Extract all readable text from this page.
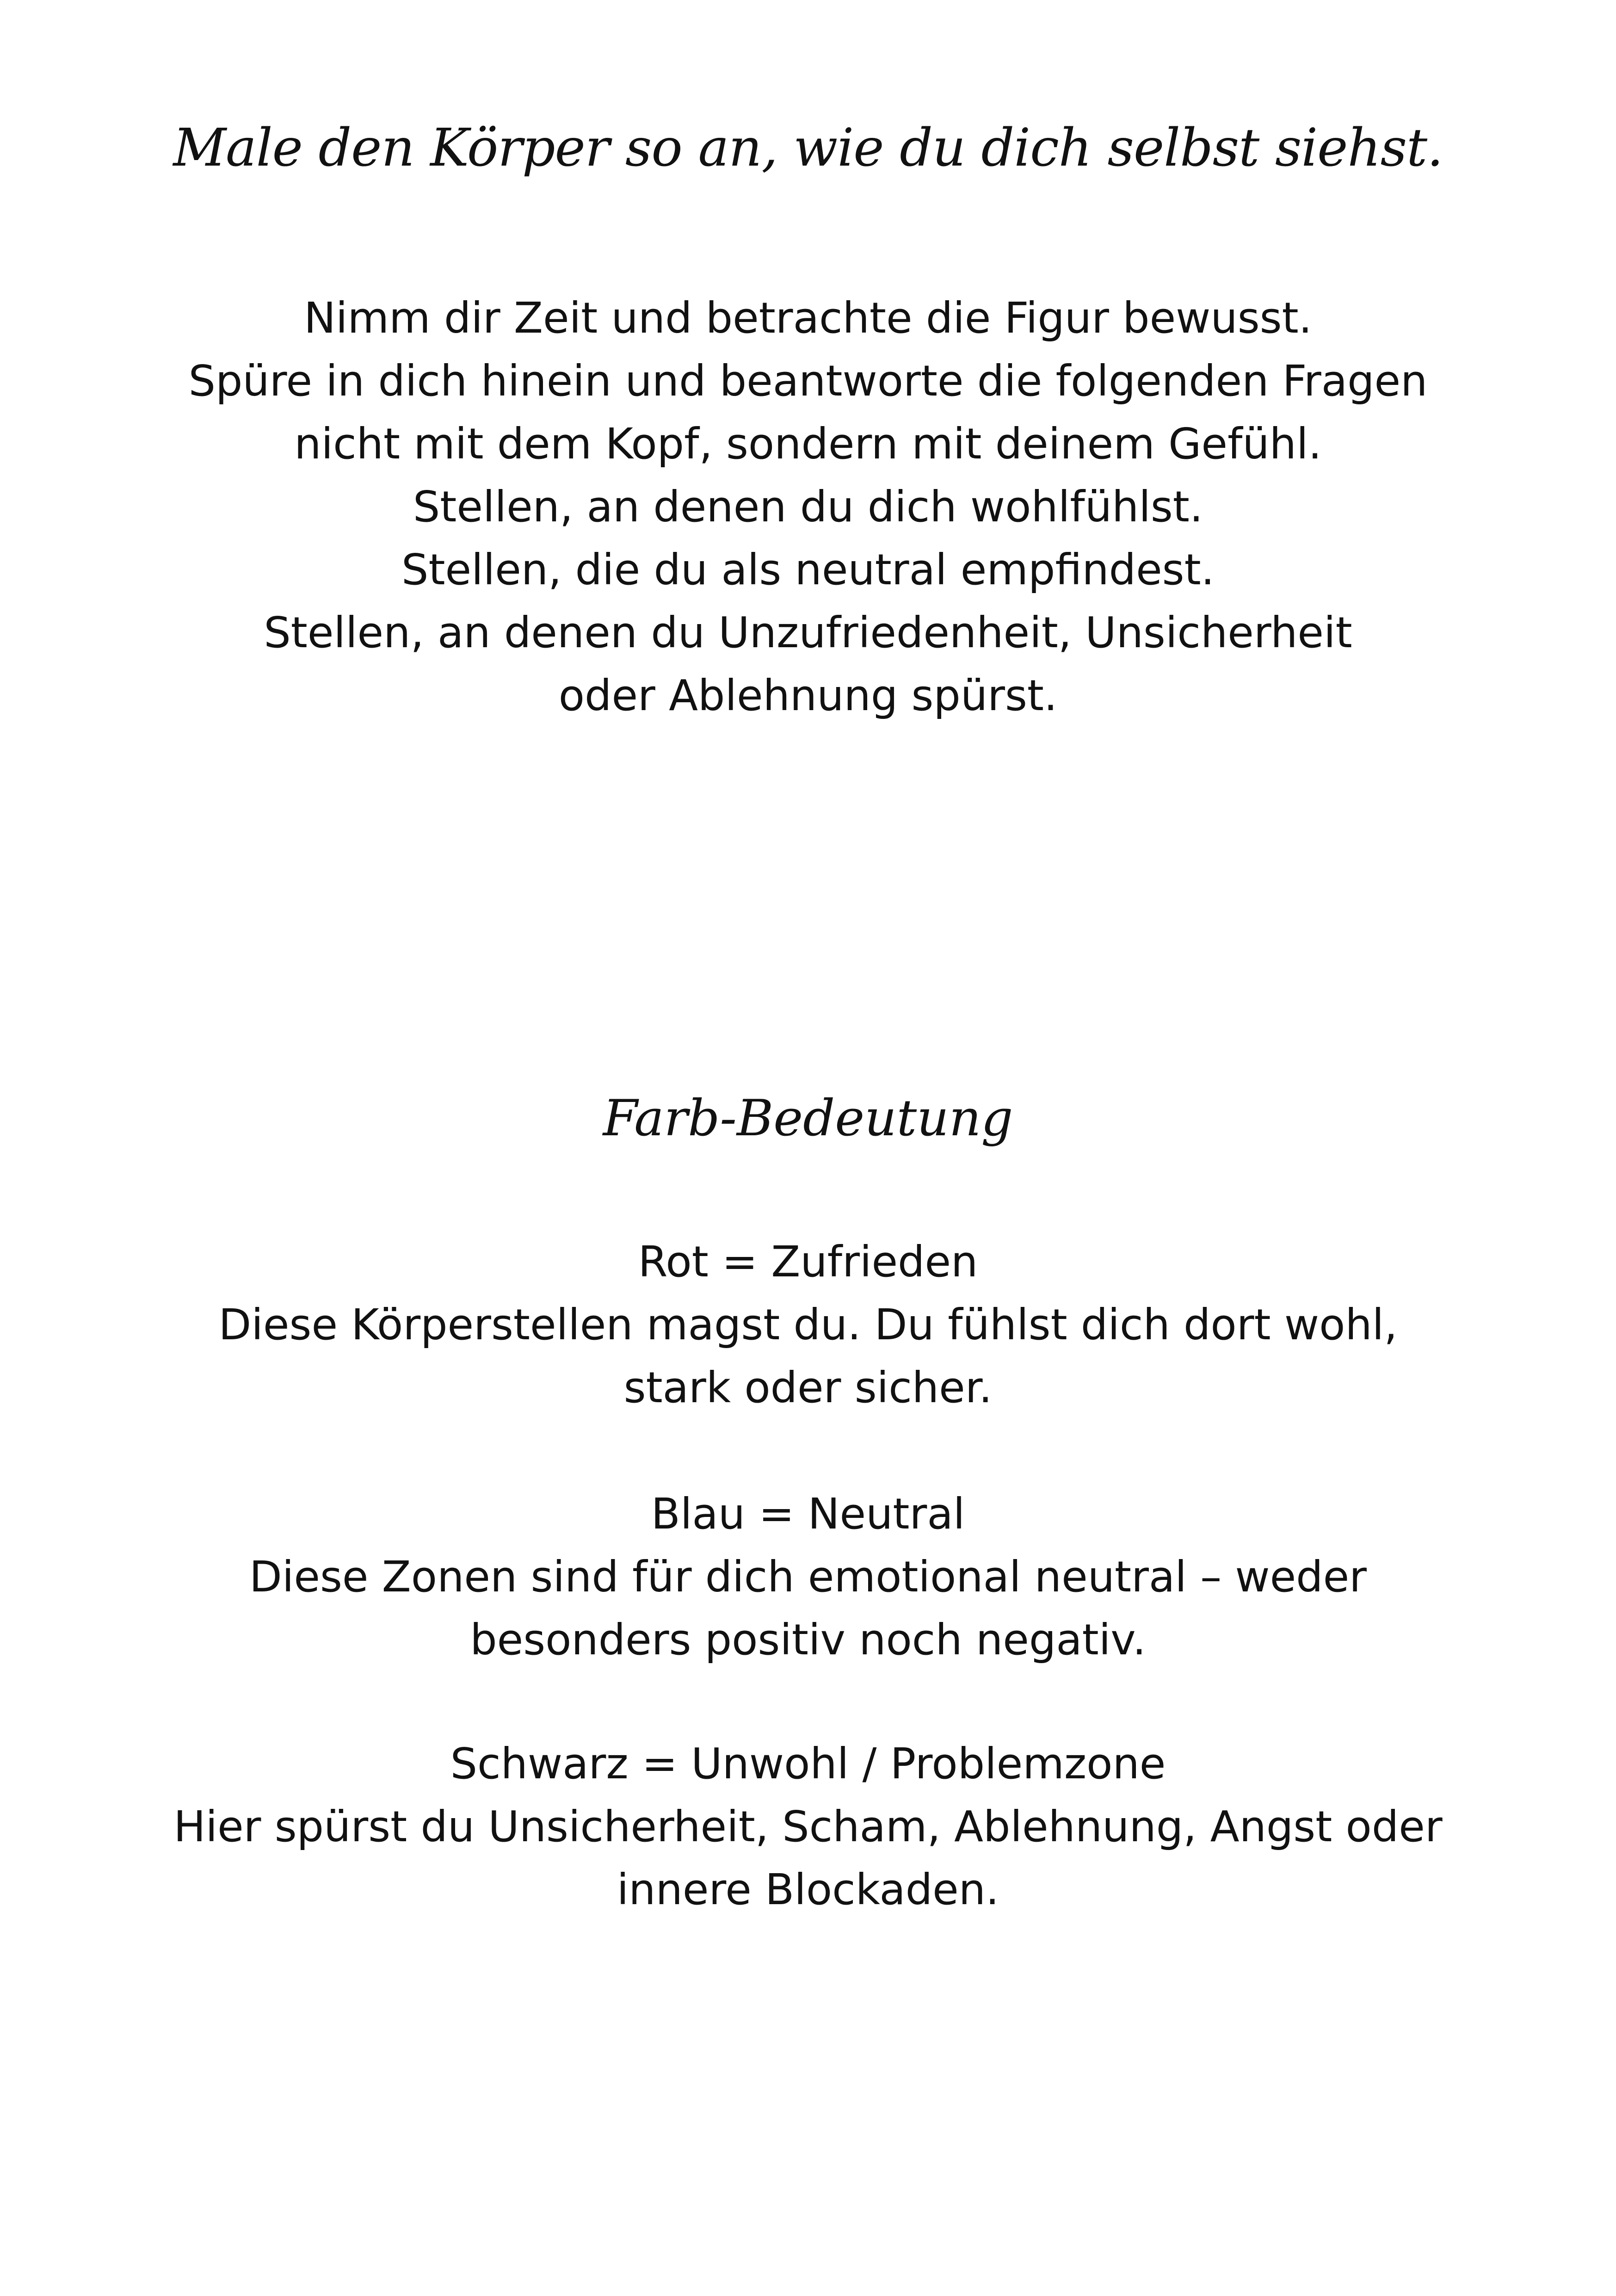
Male den Körper so an, wie du dich selbst siehst.
Nimm dir Zeit und betrachte die Figur bewusst.
Spüre in dich hinein und beantworte die folgenden Fragen
nicht mit dem Kopf, sondern mit deinem Gefühl.
Stellen, an denen du dich wohlfühlst.
Stellen, die du als neutral empfindest.
Stellen, an denen du Unzufriedenheit, Unsicherheit
oder Ablehnung spürst.
Farb-Bedeutung
Rot = Zufrieden
Diese Körperstellen magst du. Du fühlst dich dort wohl,
stark oder sicher.
Blau = Neutral
Diese Zonen sind für dich emotional neutral – weder
besonders positiv noch negativ.
Schwarz = Unwohl / Problemzone
Hier spürst du Unsicherheit, Scham, Ablehnung, Angst oder
innere Blockaden.
